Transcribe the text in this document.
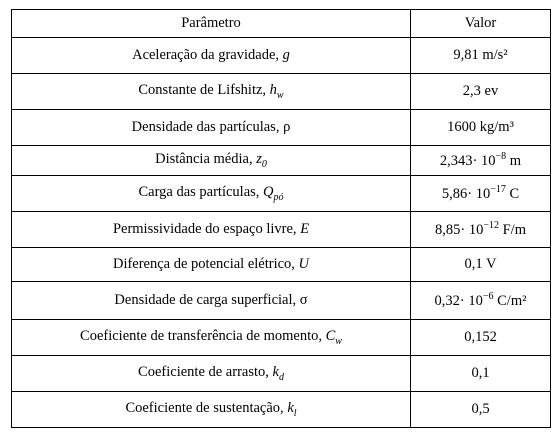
Parâmetro	Valor
Aceleração da gravidade, g	9,81 m/s²
Constante de Lifshitz, $h_w$	2,3 ev
Densidade das partículas, ρ	1600 kg/m³
Distância média, $z_0$	$2,343\cdot 10^{-8}$ m
Carga das partículas, $Q_{pó}$	$5,86\cdot 10^{-17}$ C
Permissividade do espaço livre, E	$8,85\cdot 10^{-12}$ F/m
Diferença de potencial elétrico, U	0,1 V
Densidade de carga superficial, σ	$0,32\cdot 10^{-6}$ C/m²
Coeficiente de transferência de momento, $C_w$	0,152
Coeficiente de arrasto, $k_d$	0,1
Coeficiente de sustentação, $k_l$	0,5
